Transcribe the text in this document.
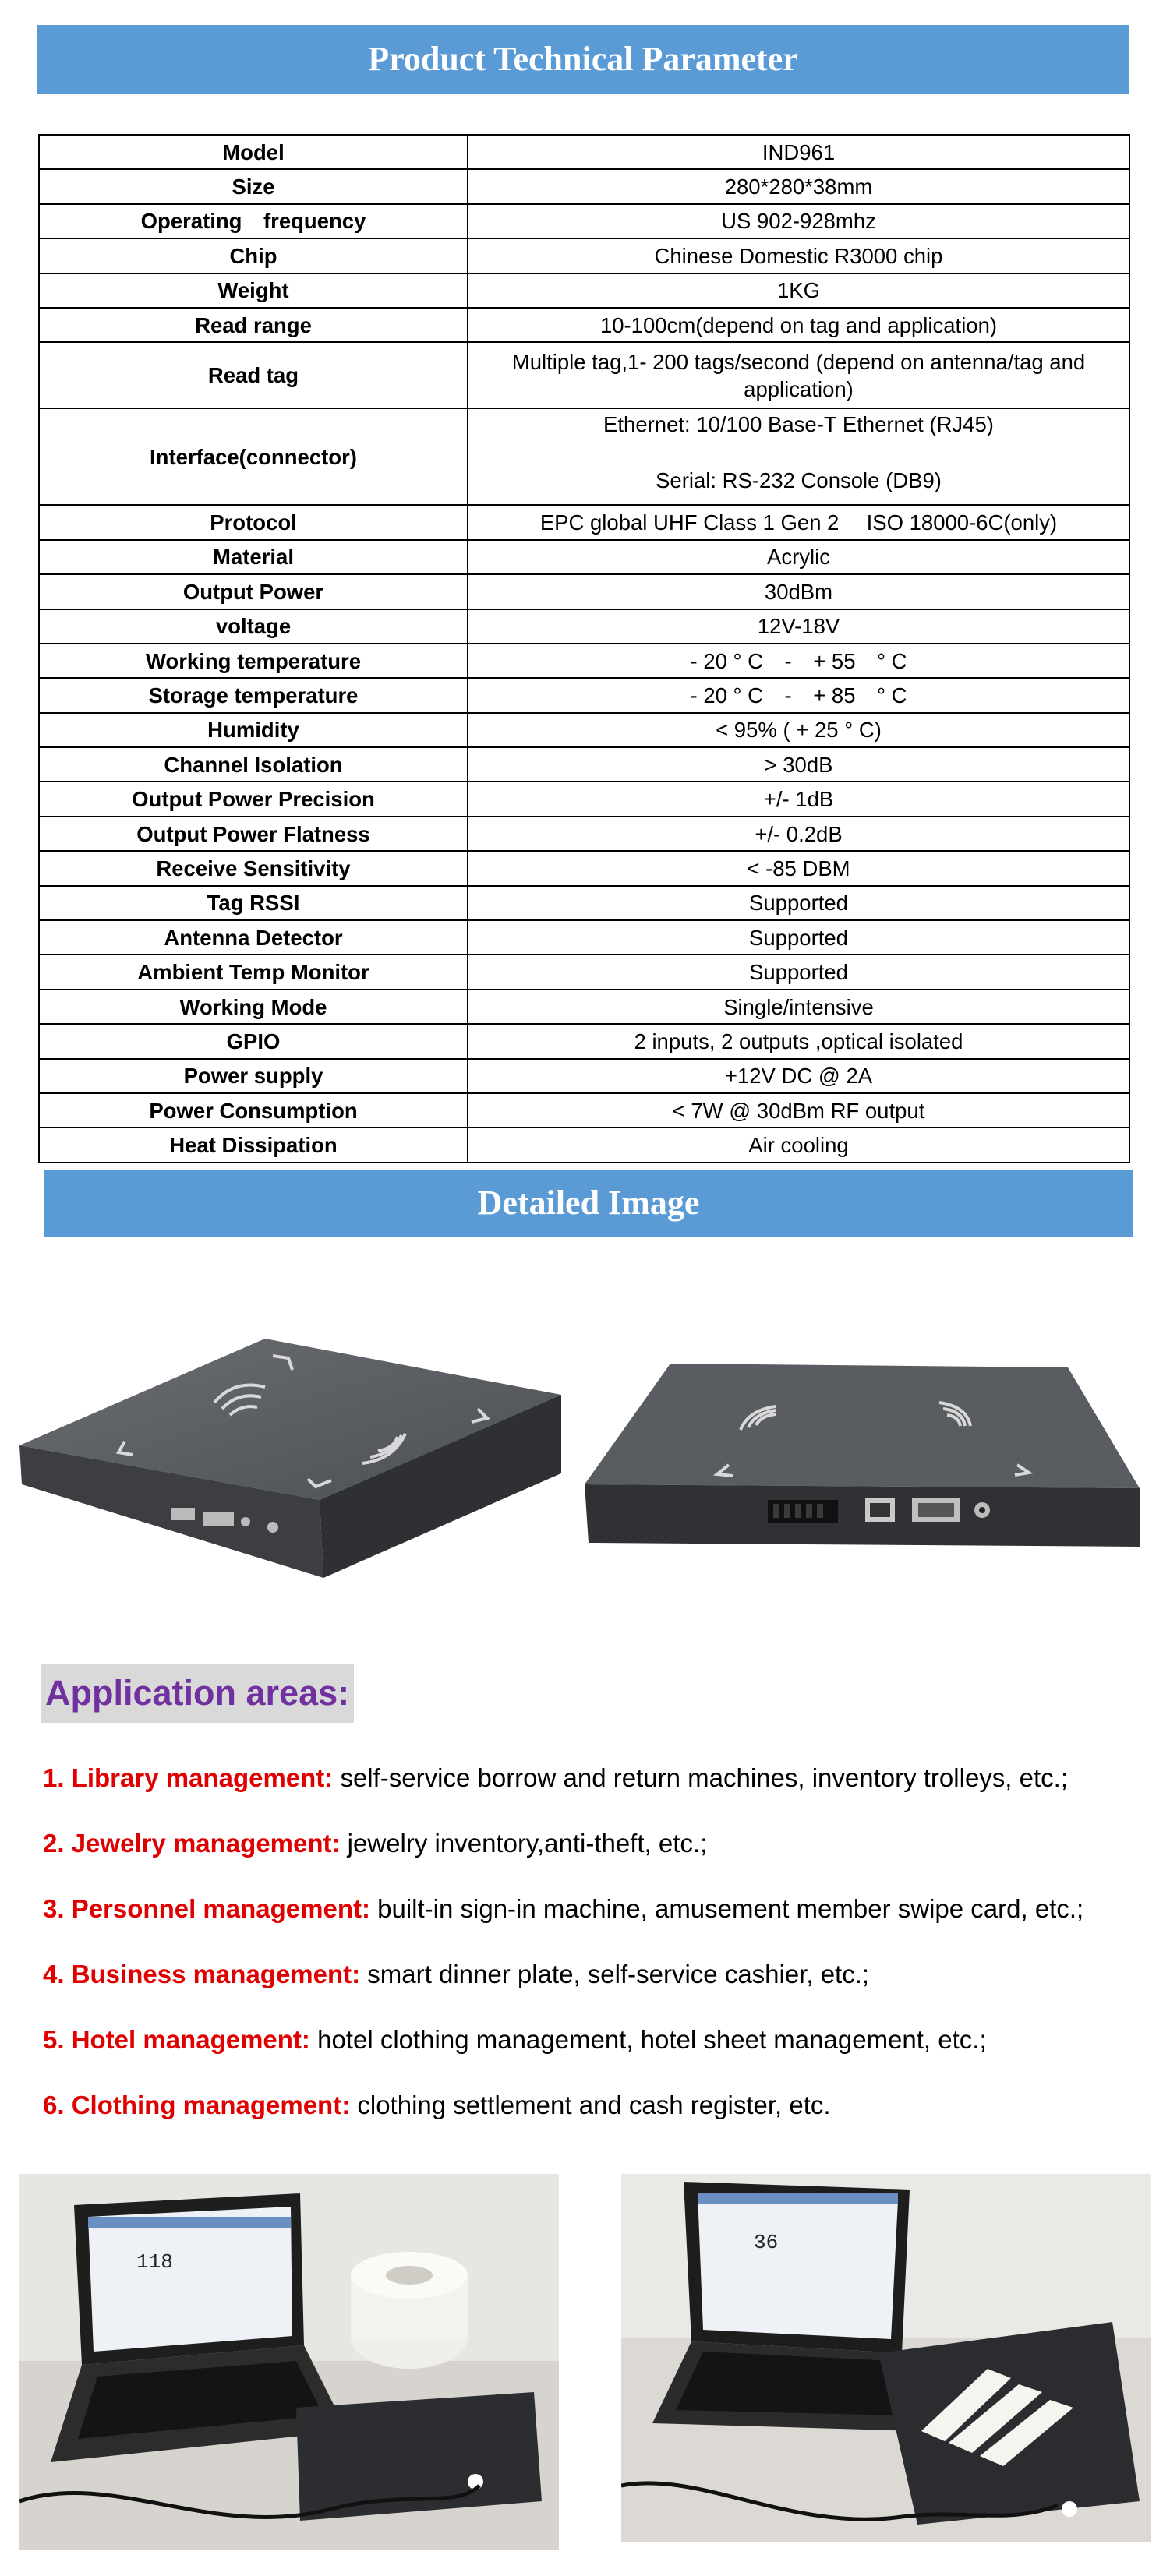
Product Technical Parameter
Model	IND961
Size	280*280*38mm
Operating　frequency	US 902-928mhz
Chip	Chinese Domestic R3000 chip
Weight	1KG
Read range	10-100cm(depend on tag and application)
Read tag	Multiple tag,1- 200 tags/second (depend on antenna/tag and application)
Interface(connector)	Ethernet: 10/100 Base-T Ethernet (RJ45)
Serial: RS-232 Console (DB9)

Protocol	EPC global UHF Class 1 Gen 2　 ISO 18000-6C(only)
Material	Acrylic
Output Power	30dBm
voltage	12V-18V
Working temperature	- 20 ° C　-　+ 55　° C
Storage temperature	- 20 ° C　-　+ 85　° C
Humidity	< 95% ( + 25 ° C)
Channel Isolation	> 30dB
Output Power Precision	+/- 1dB
Output Power Flatness	+/- 0.2dB
Receive Sensitivity	< -85 DBM
Tag RSSI	Supported
Antenna Detector	Supported
Ambient Temp Monitor	Supported
Working Mode	Single/intensive
GPIO	2 inputs, 2 outputs ,optical isolated
Power supply	+12V DC @ 2A
Power Consumption	< 7W @ 30dBm RF output
Heat Dissipation	Air cooling
Detailed Image
Application areas:
1. Library management: self-service borrow and return machines, inventory trolleys, etc.;
2. Jewelry management: jewelry inventory,anti-theft, etc.;
3. Personnel management: built-in sign-in machine, amusement member swipe card, etc.;
4. Business management: smart dinner plate, self-service cashier, etc.;
5. Hotel management: hotel clothing management, hotel sheet management, etc.;
6. Clothing management: clothing settlement and cash register, etc.
118
36
